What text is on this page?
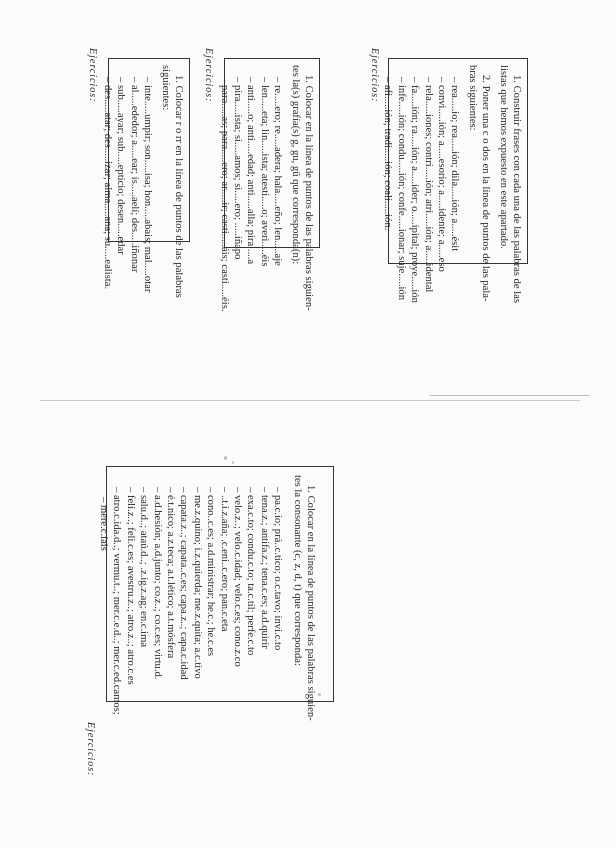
Ejercicios:

1. Colocar en la línea de puntos de las palabras siguien-

tes la consonante (c, z, d, t) que corresponda:

– pa.c.io; prá..c.tico; o.c.tavo; invi.c.to
– tena.z.; antifa.z.; tena.c.es; a.d.quirir
– exa.c.to; condu.c.to; ta.c.til; perfe.c.to
– velo.z..; velo.c.idad; velo.c.es; cono.z.co
– ..t.i.z.aña; .c.eni..c.ero; pan.c.eta
– cono..c.es; a.d.ministrar; he.c.; he.c.es
– me.z.quino; i.z.quierda; me.z.quita; a.c.tivo
– capata.z..; capata..c.es; capa.z..; capa.c.idad
– é.t.nico; a.z.teca; a.t.lético; a.t.mósfera
– a.d.hesión; a.d.junto; co.z..; co.c.es; virtu.d.
– salu.d..; ataú.d..; .z.ig.z.ag; en.c.ima
– feli.z..; feli.c.es; avestru.z..; atro.z..; atro.c.es
– atro.c.ida.d..; vermu.t..; mer.c.e.d..; mer.c.ed.camos;
– mere.c.íais
Ejercicios:	1. Colocar r o rr en la línea de puntos de las palabras

siguientes:

– inte.....umpir; son.....isa; hon.....abais; mal.....otar
– al.....ededor; a.....ear; is.....aelí; des.....iñonar
– sub.....ayar; sub.....epticio; desen.....edar
– des.....atar; des.....izar; alma.....ana; su.....ealista.
Ejercicios:	1. Colocar en la línea de puntos de las palabras siguien-

tes la(s) grafía(s) g, gu, gü que corresponda(n):

– re.....ero; re.....adera; hala.....eño; len.....aje
– len.....eta; lin.....ista; atesti.....o; averi.....éis
– anti.....o; anti.....edad; anti.....alla; pira.....a
– pira.....ista; si.....amos; si.....ero; .....iñapo
– para.....as; para.....ero; ar.....ir; casti.....áis; casti.....éis.
Ejercicios:	1. Construir frases con cada una de las palabras de las

listas que hemos expuesto en este apartado.

2. Poner una c o dos en la línea de puntos de las pala-

bras siguientes:

– rea.....io; rea.....ión; dila.....ión; a.....ésit
– convi.....ión; a.....esorio; a.....idente; a.....eso
– rela.....iones; contri.....ión; atri.....ión; a.....idental
– fa.....ión; ra.....ión; a.....ider; o.....ipital; proye.....ión
– infe.....ión; condu.....ión; confe.....ionar; suje.....ión
– afi.....ión; tradi.....ión; coali.....ión.
